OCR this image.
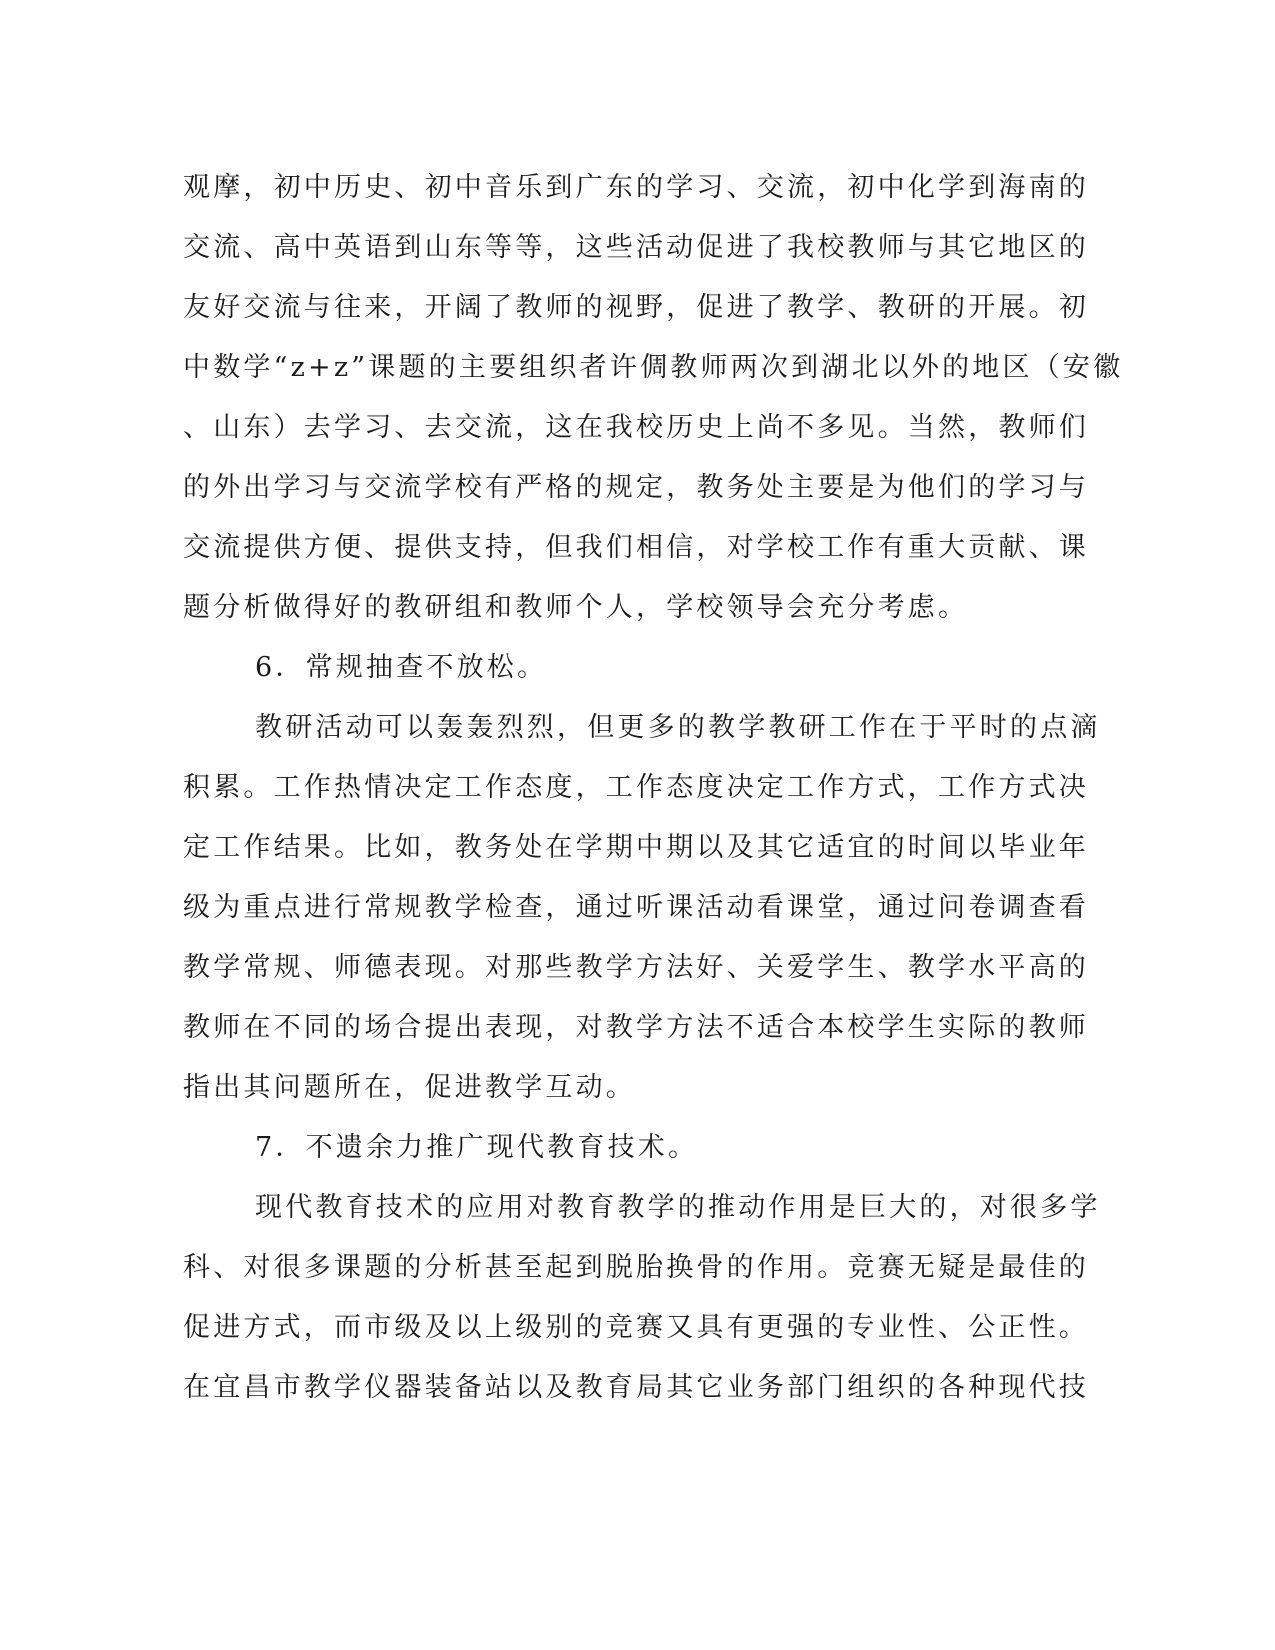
观摩，初中历史、初中音乐到广东的学习、交流，初中化学到海南的
交流、高中英语到山东等等，这些活动促进了我校教师与其它地区的
友好交流与往来，开阔了教师的视野，促进了教学、教研的开展。初
中数学“z+z”课题的主要组织者许倜教师两次到湖北以外的地区（安徽
、山东）去学习、去交流，这在我校历史上尚不多见。当然，教师们
的外出学习与交流学校有严格的规定，教务处主要是为他们的学习与
交流提供方便、提供支持，但我们相信，对学校工作有重大贡献、课
题分析做得好的教研组和教师个人，学校领导会充分考虑。
6．常规抽查不放松。
教研活动可以轰轰烈烈，但更多的教学教研工作在于平时的点滴
积累。工作热情决定工作态度，工作态度决定工作方式，工作方式决
定工作结果。比如，教务处在学期中期以及其它适宜的时间以毕业年
级为重点进行常规教学检查，通过听课活动看课堂，通过问卷调查看
教学常规、师德表现。对那些教学方法好、关爱学生、教学水平高的
教师在不同的场合提出表现，对教学方法不适合本校学生实际的教师
指出其问题所在，促进教学互动。
7．不遗余力推广现代教育技术。
现代教育技术的应用对教育教学的推动作用是巨大的，对很多学
科、对很多课题的分析甚至起到脱胎换骨的作用。竞赛无疑是最佳的
促进方式，而市级及以上级别的竞赛又具有更强的专业性、公正性。
在宜昌市教学仪器装备站以及教育局其它业务部门组织的各种现代技
